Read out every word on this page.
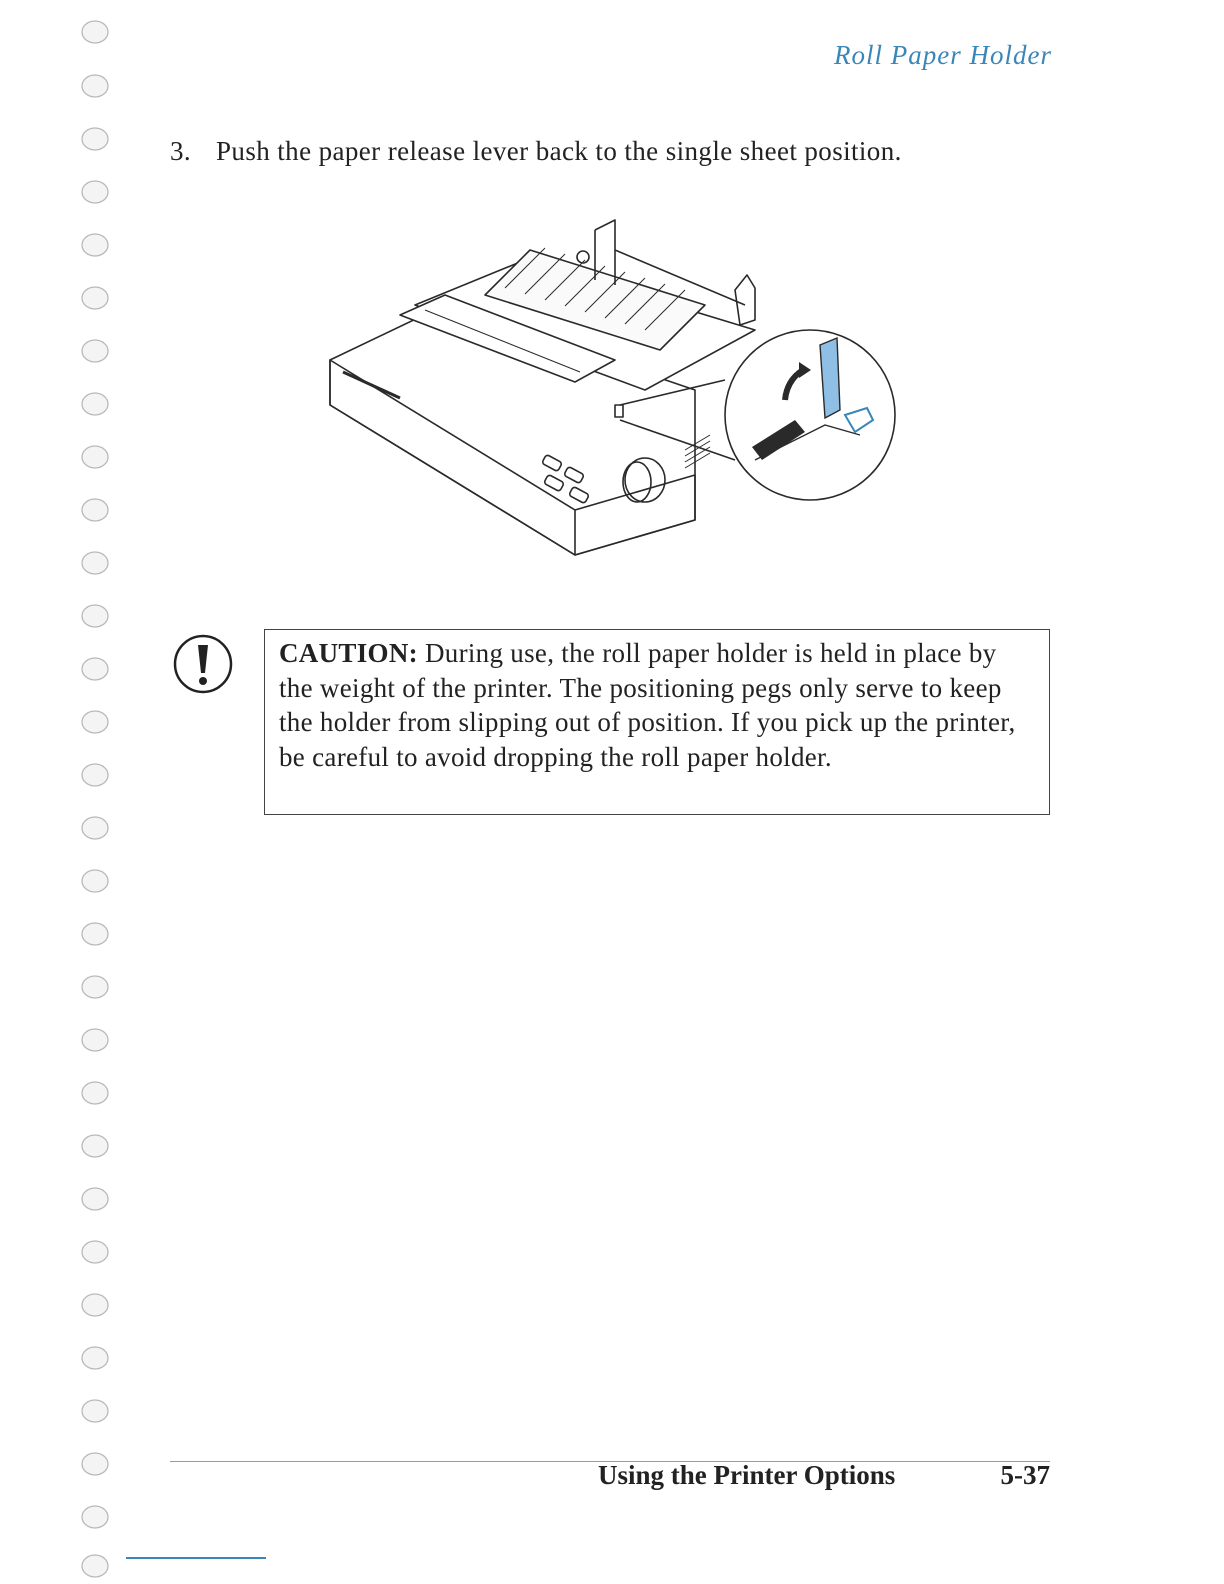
Roll Paper Holder
3. Push the paper release lever back to the single sheet position.
CAUTION: During use, the roll paper holder is held in place by the weight of the printer. The positioning pegs only serve to keep the holder from slipping out of position. If you pick up the printer, be careful to avoid dropping the roll paper holder.
Using the Printer Options	5-37
